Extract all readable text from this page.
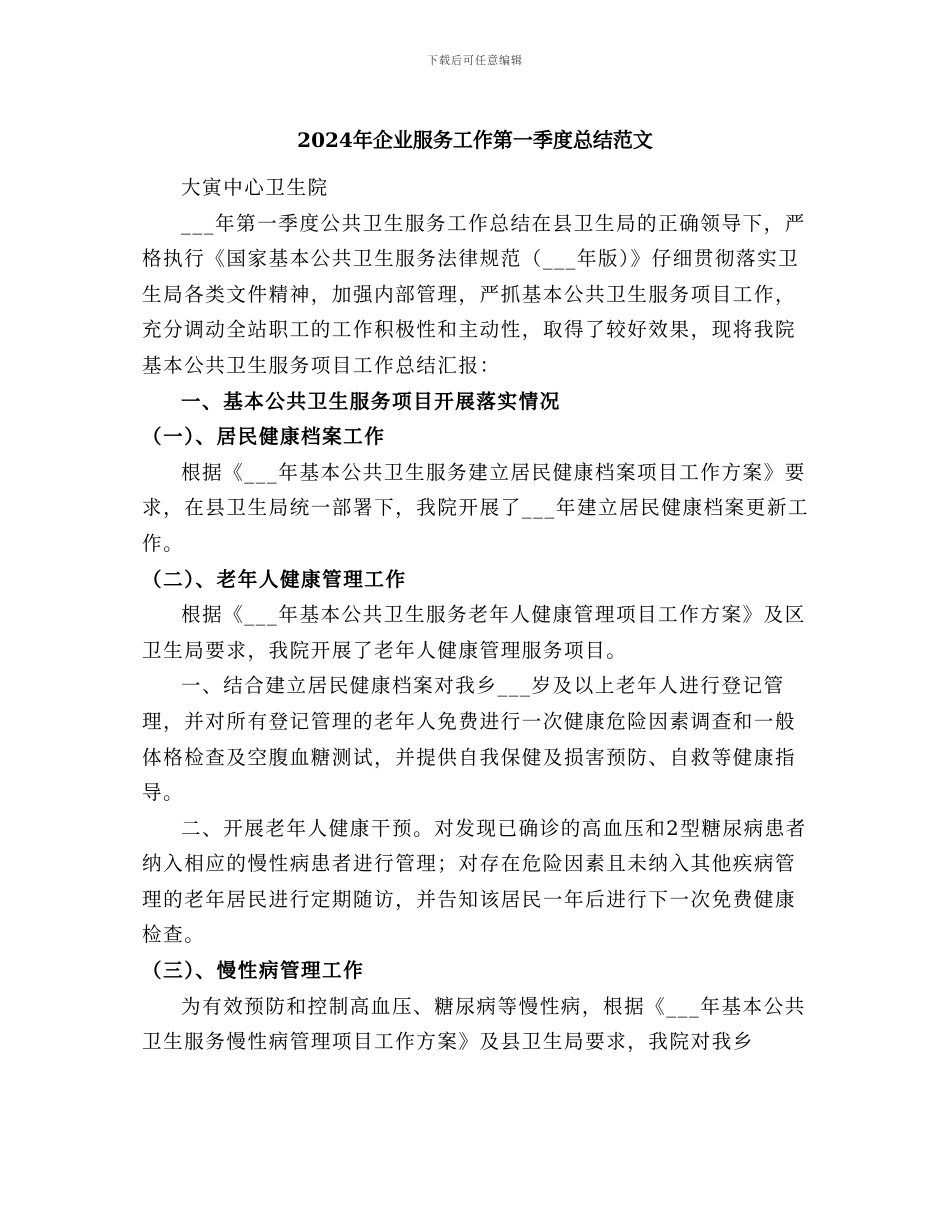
下载后可任意编辑
2024年企业服务工作第一季度总结范文

大寅中心卫生院

___年第一季度公共卫生服务工作总结在县卫生局的正确领导下，严格执行《国家基本公共卫生服务法律规范（___年版）》仔细贯彻落实卫生局各类文件精神，加强内部管理，严抓基本公共卫生服务项目工作，充分调动全站职工的工作积极性和主动性，取得了较好效果，现将我院基本公共卫生服务项目工作总结汇报：

一、基本公共卫生服务项目开展落实情况

（一）、居民健康档案工作

根据《___年基本公共卫生服务建立居民健康档案项目工作方案》要求，在县卫生局统一部署下，我院开展了___年建立居民健康档案更新工作。

（二）、老年人健康管理工作

根据《___年基本公共卫生服务老年人健康管理项目工作方案》及区卫生局要求，我院开展了老年人健康管理服务项目。

一、结合建立居民健康档案对我乡___岁及以上老年人进行登记管理，并对所有登记管理的老年人免费进行一次健康危险因素调查和一般体格检查及空腹血糖测试，并提供自我保健及损害预防、自救等健康指导。

二、开展老年人健康干预。对发现已确诊的高血压和2型糖尿病患者纳入相应的慢性病患者进行管理；对存在危险因素且未纳入其他疾病管理的老年居民进行定期随访，并告知该居民一年后进行下一次免费健康检查。

（三）、慢性病管理工作

为有效预防和控制高血压、糖尿病等慢性病，根据《___年基本公共卫生服务慢性病管理项目工作方案》及县卫生局要求，我院对我乡
